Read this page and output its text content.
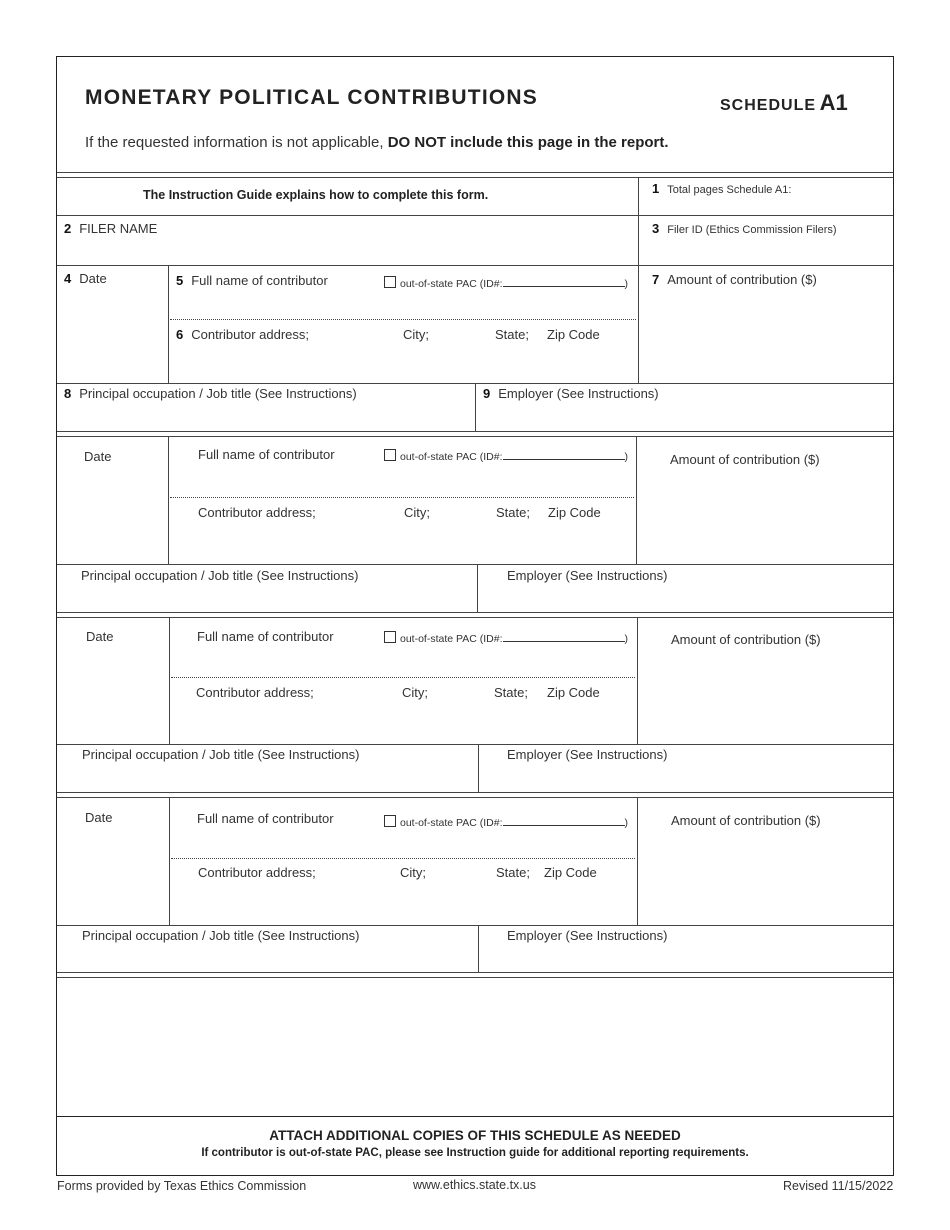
MONETARY POLITICAL CONTRIBUTIONS	SCHEDULE A1
If the requested information is not applicable, DO NOT include this page in the report.
The Instruction Guide explains how to complete this form.	1 Total pages Schedule A1:
2 FILER NAME	3 Filer ID (Ethics Commission Filers)
4 Date	5 Full name of contributor	out-of-state PAC (ID#:	) 7 Amount of contribution ($)
6 Contributor address;	City;	State; Zip Code
8 Principal occupation / Job title (See Instructions)	9 Employer (See Instructions)
Date	Full name of contributor	out-of-state PAC (ID#:	)	Amount of contribution ($)
Contributor address;	City;	State; Zip Code
Principal occupation / Job title (See Instructions)	Employer (See Instructions)
Date	Full name of contributor	out-of-state PAC (ID#:	)	Amount of contribution ($)
Contributor address;	City;	State; Zip Code
Principal occupation / Job title (See Instructions)	Employer (See Instructions)
Date	Full name of contributor	out-of-state PAC (ID#:	)	Amount of contribution ($)
Contributor address;	City;	State; Zip Code
Principal occupation / Job title (See Instructions)	Employer (See Instructions)
ATTACH ADDITIONAL COPIES OF THIS SCHEDULE AS NEEDED
If contributor is out-of-state PAC, please see Instruction guide for additional reporting requirements.
Forms provided by Texas Ethics Commission	www.ethics.state.tx.us	Revised 11/15/2022
